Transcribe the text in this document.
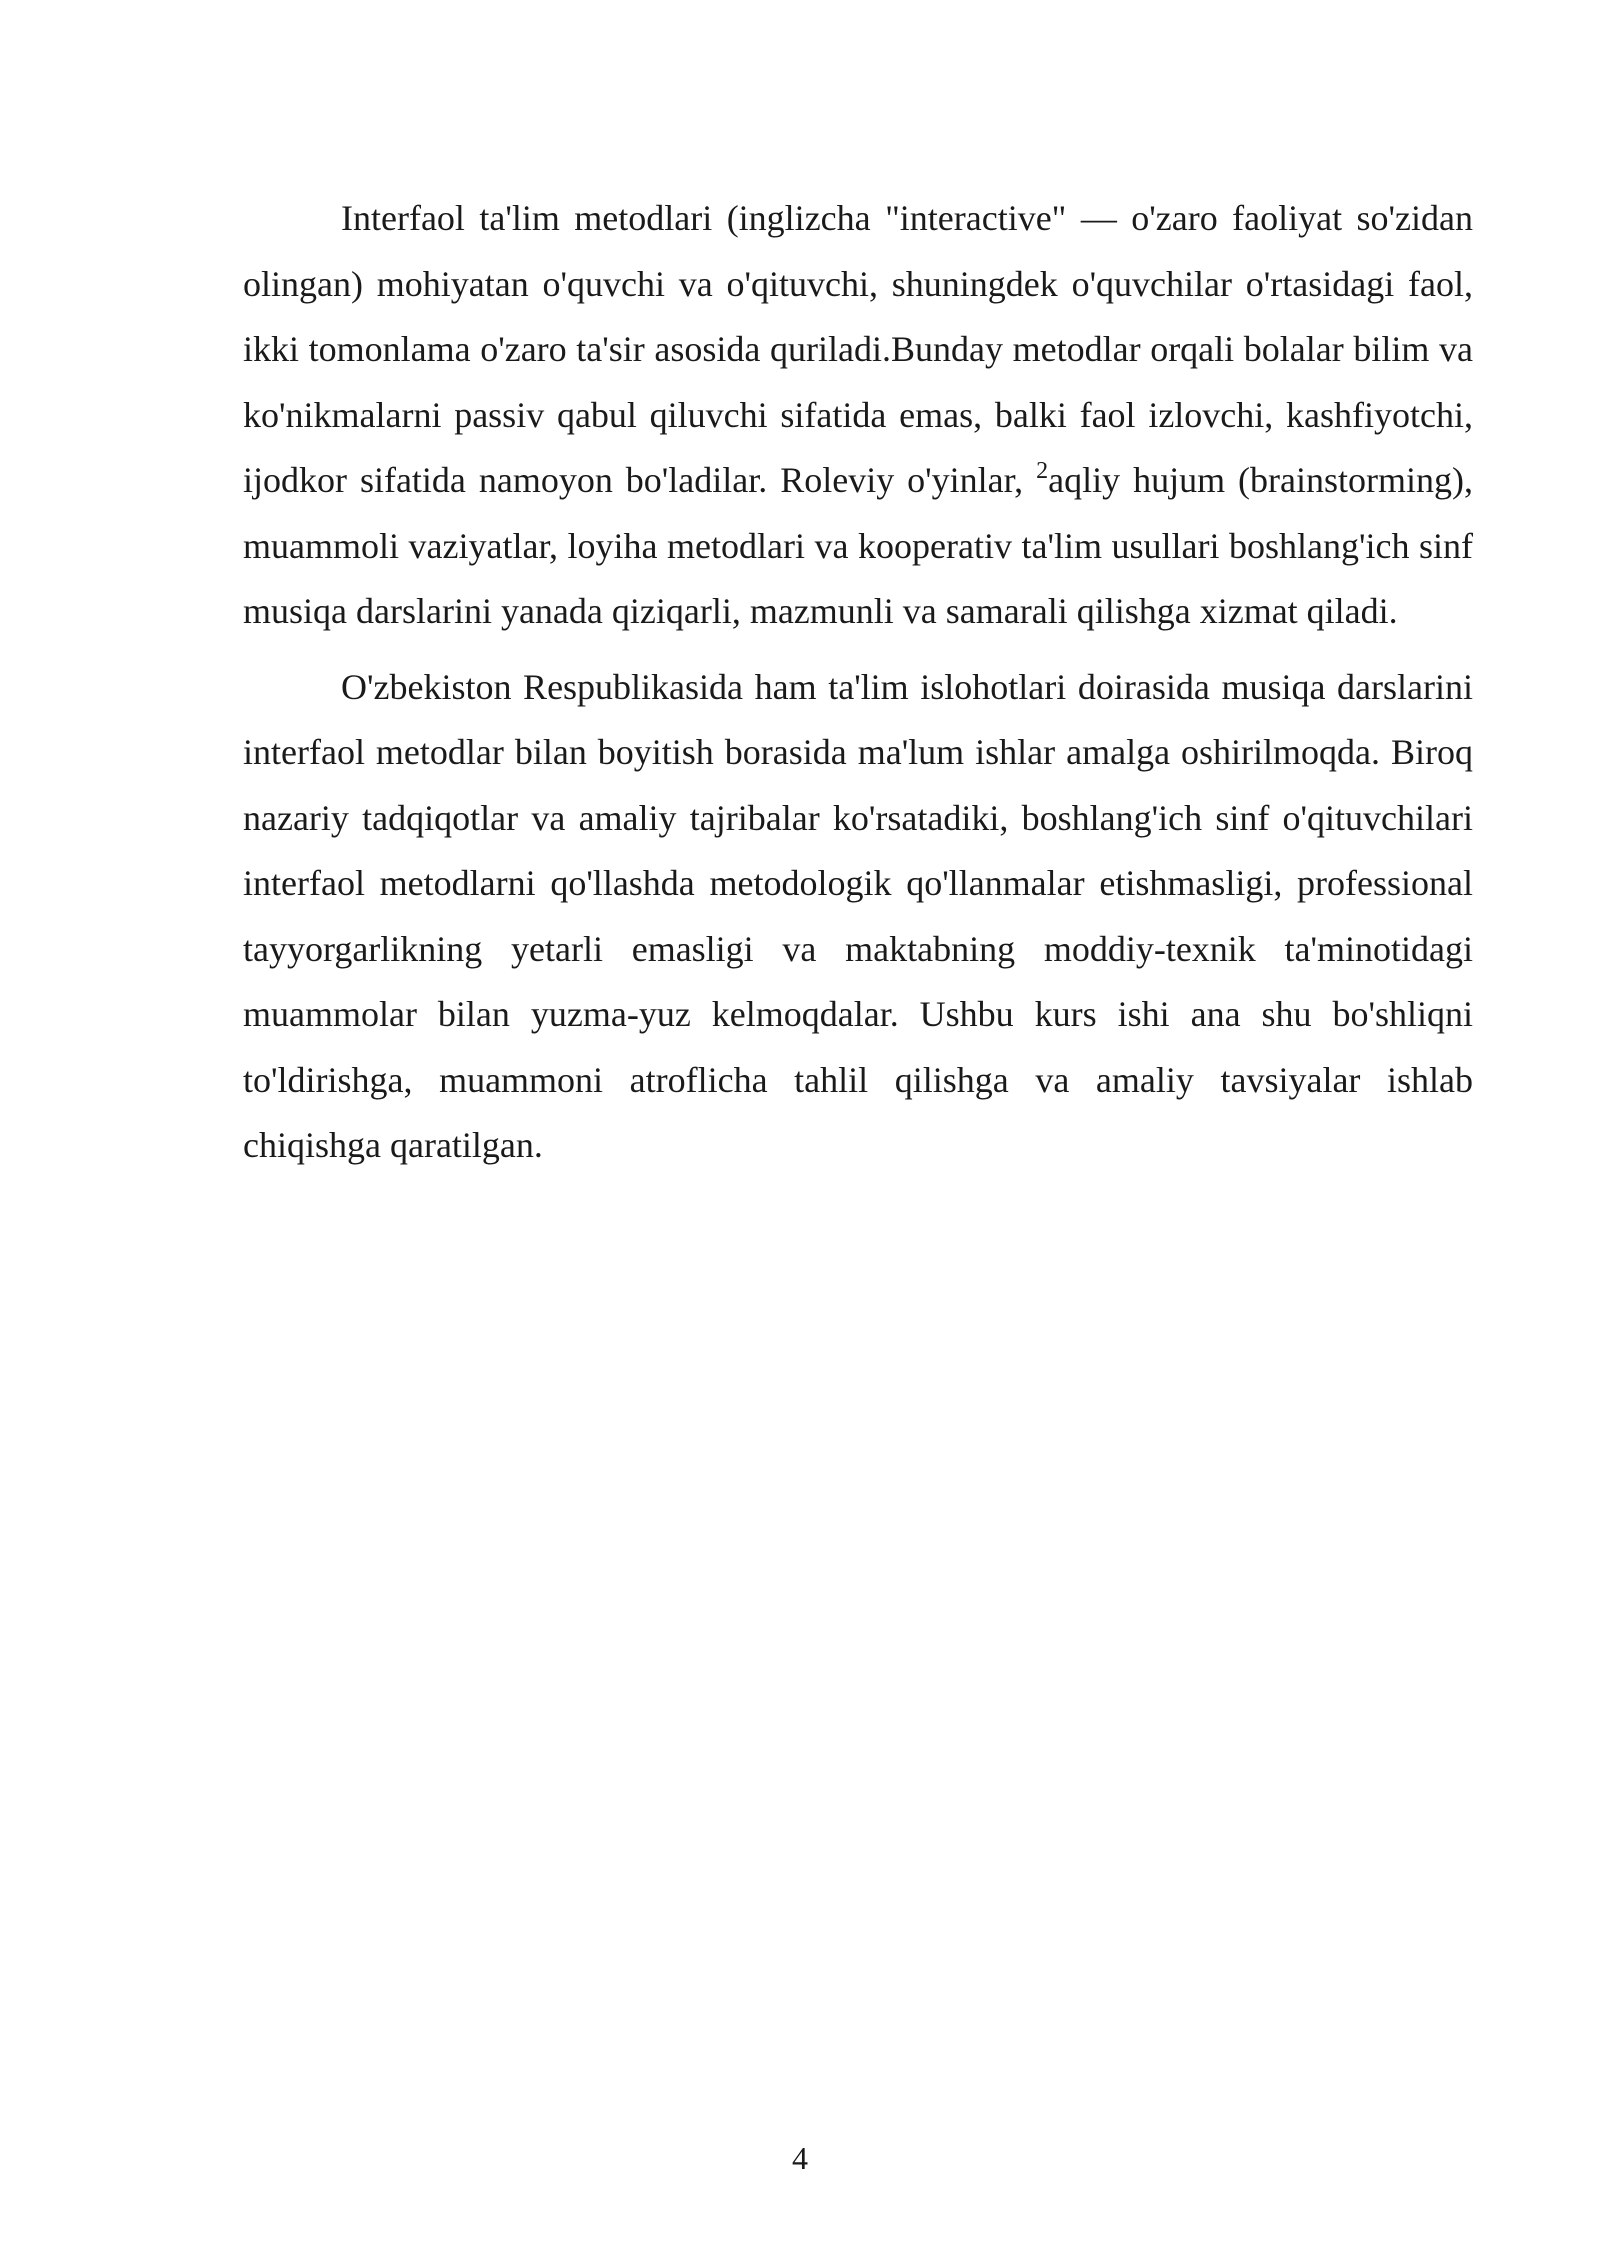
Interfaol ta'lim metodlari (inglizcha "interactive" — o'zaro faoliyat so'zidan olingan) mohiyatan o'quvchi va o'qituvchi, shuningdek o'quvchilar o'rtasidagi faol, ikki tomonlama o'zaro ta'sir asosida quriladi.Bunday metodlar orqali bolalar bilim va ko'nikmalarni passiv qabul qiluvchi sifatida emas, balki faol izlovchi, kashfiyotchi, ijodkor sifatida namoyon bo'ladilar. Roleviy o'yinlar, $^2$aqliy hujum (brainstorming), muammoli vaziyatlar, loyiha metodlari va kooperativ ta'lim usullari boshlang'ich sinf musiqa darslarini yanada qiziqarli, mazmunli va samarali qilishga xizmat qiladi.

O'zbekiston Respublikasida ham ta'lim islohotlari doirasida musiqa darslarini interfaol metodlar bilan boyitish borasida ma'lum ishlar amalga oshirilmoqda. Biroq nazariy tadqiqotlar va amaliy tajribalar ko'rsatadiki, boshlang'ich sinf o'qituvchilari interfaol metodlarni qo'llashda metodologik qo'llanmalar etishmasligi, professional tayyorgarlikning yetarli emasligi va maktabning moddiy-texnik ta'minotidagi muammolar bilan yuzma-yuz kelmoqdalar. Ushbu kurs ishi ana shu bo'shliqni to'ldirishga, muammoni atroflicha tahlil qilishga va amaliy tavsiyalar ishlab chiqishga qaratilgan.

4
